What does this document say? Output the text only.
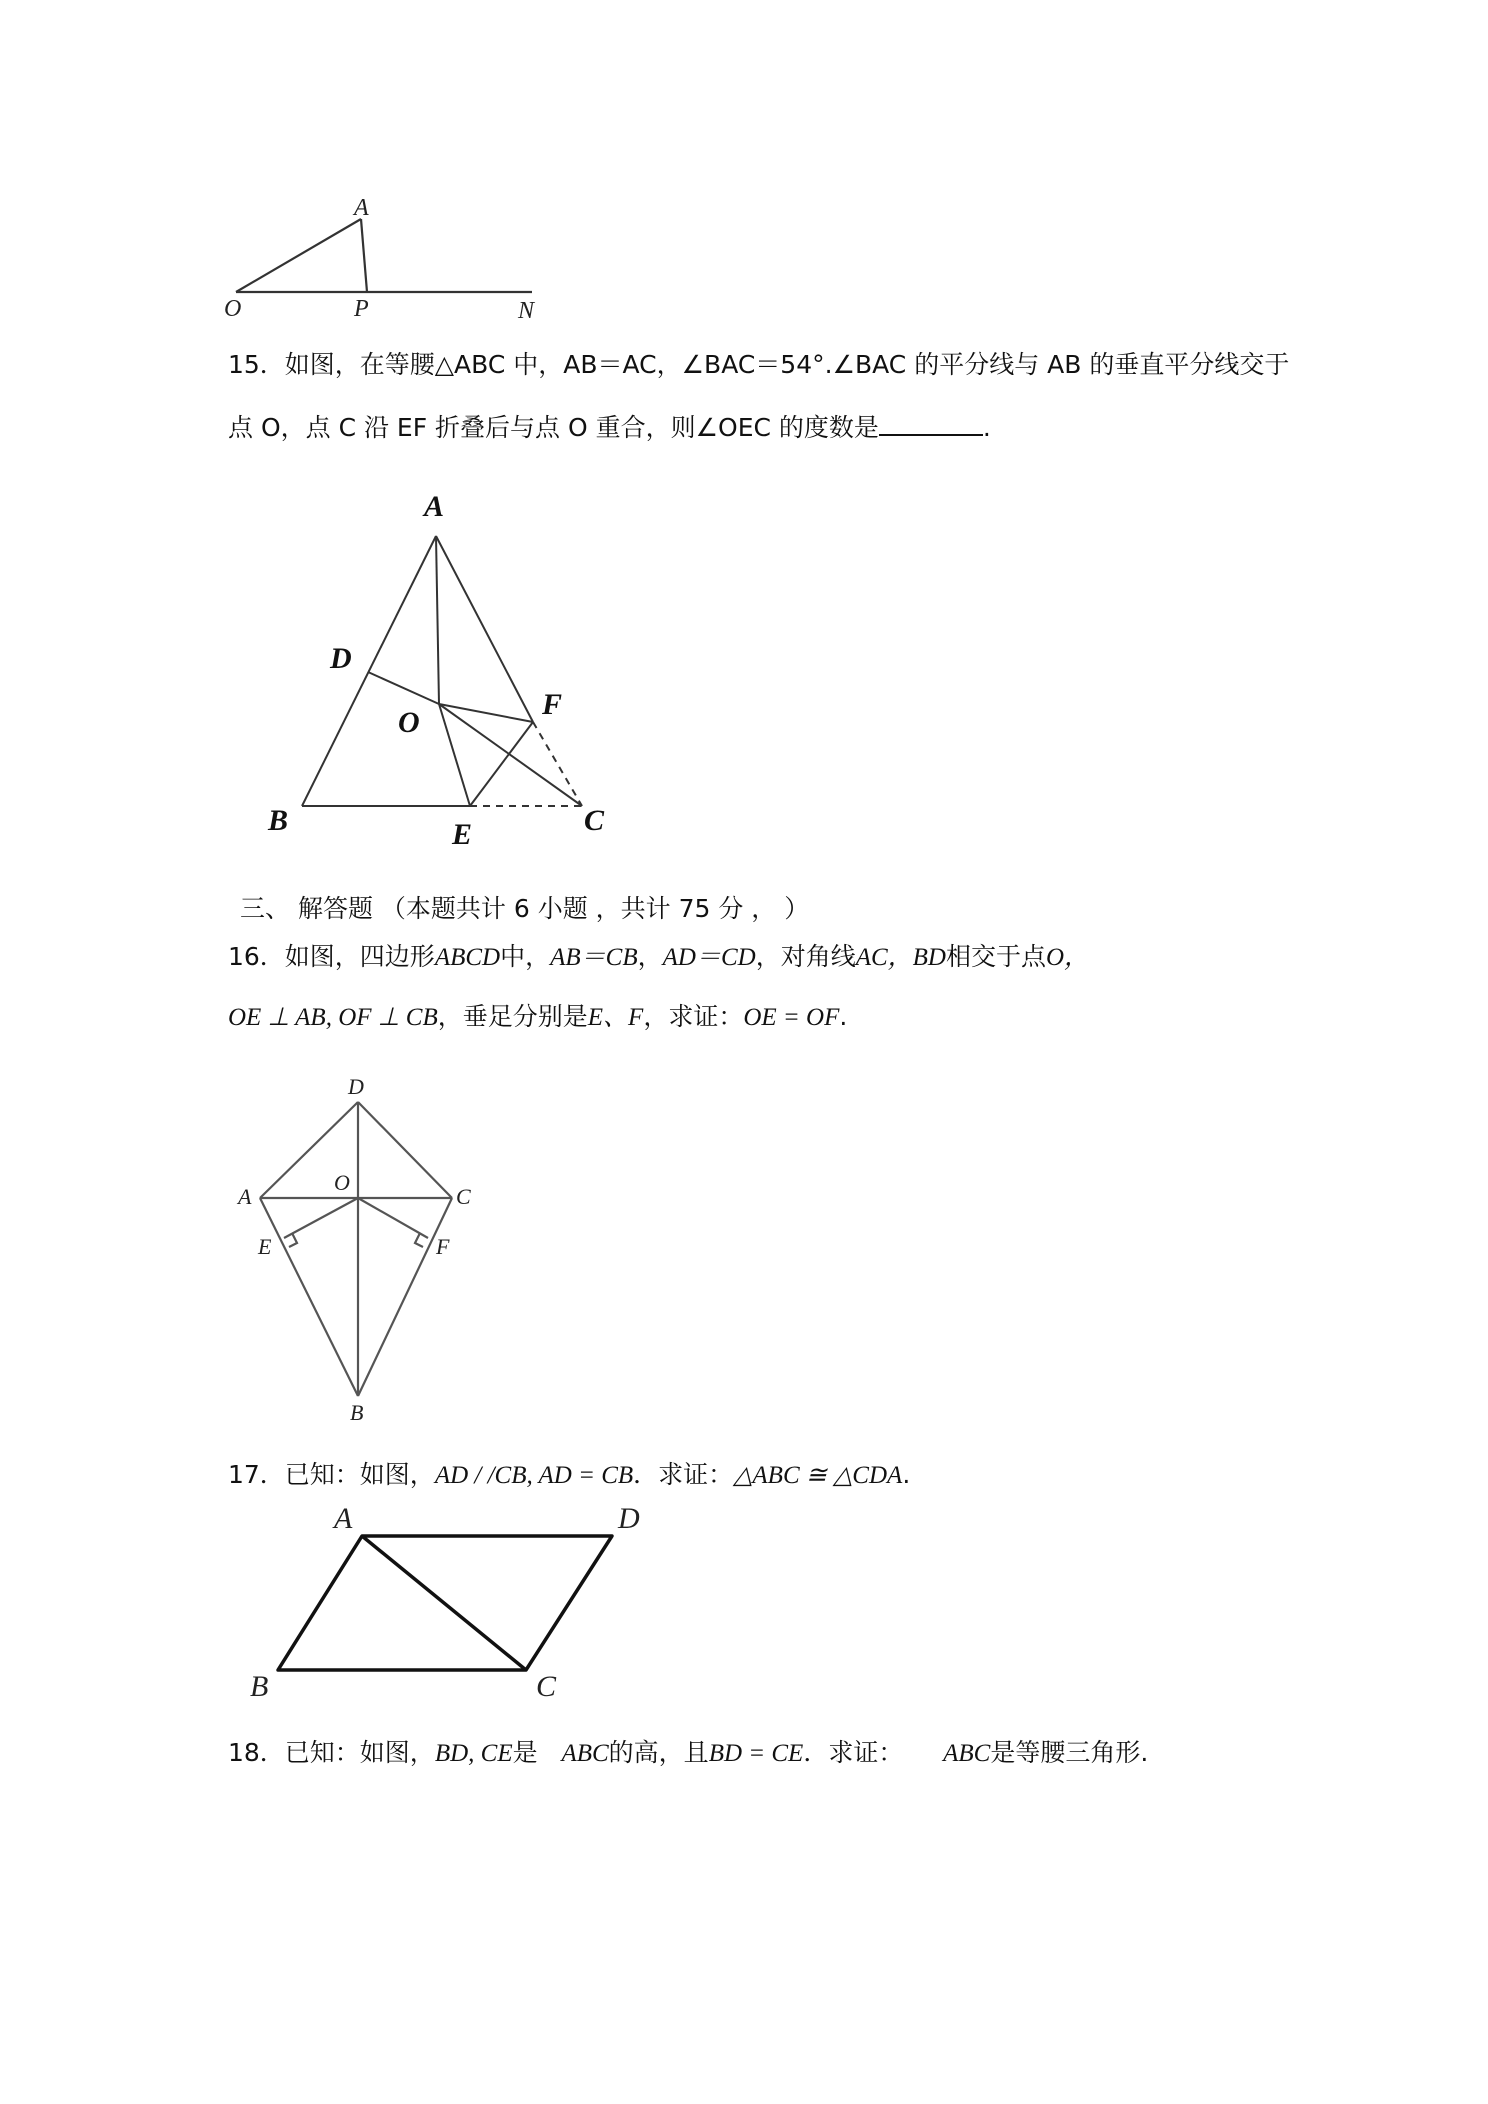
A
O	P	N
15．如图，在等腰△ABC 中，AB＝AC，∠BAC＝54°.∠BAC 的平分线与 AB 的垂直平分线交于
点 O，点 C 沿 EF 折叠后与点 O 重合，则∠OEC 的度数是	.
A
D
O
F
B	E	C
三、 解答题 （本题共计 6 小题 ，共计 75 分 ， ）
16．如图，四边形ABCD中，AB＝CB，AD＝CD，对角线AC，BD相交于点O，
OE ⊥ AB, OF ⊥ CB，垂足分别是E、F，求证：OE = OF.
D
A
O
C
E	F
B
17．已知：如图，AD / /CB, AD = CB．求证：△ABC ≅ △CDA.
A	D
B	C
18．已知：如图，BD, CE是 ABC的高，且BD = CE．求证： ABC是等腰三角形.
